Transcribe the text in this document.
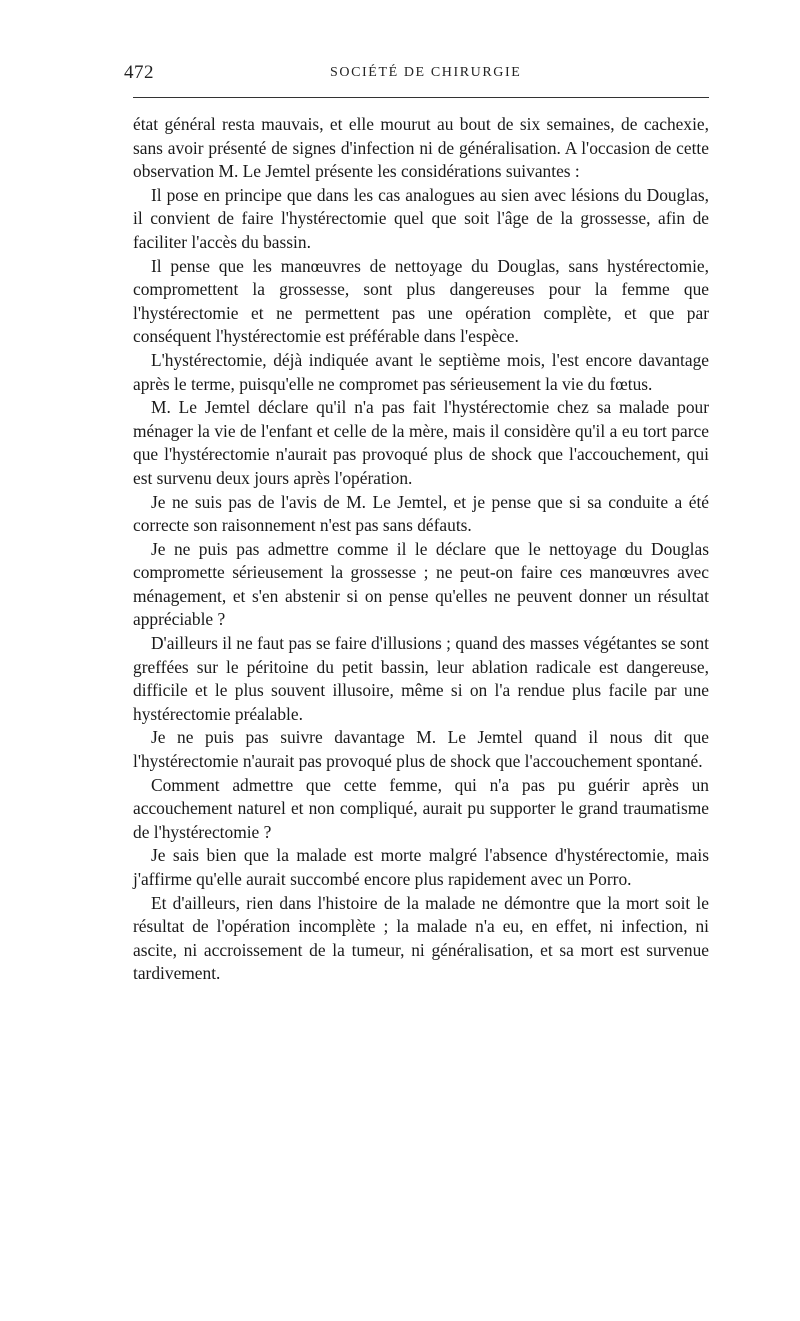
472	SOCIÉTÉ DE CHIRURGIE

état général resta mauvais, et elle mourut au bout de six semaines, de cachexie, sans avoir présenté de signes d'infection ni de généralisation. A l'occasion de cette observation M. Le Jemtel présente les considérations suivantes :

Il pose en principe que dans les cas analogues au sien avec lésions du Douglas, il convient de faire l'hystérectomie quel que soit l'âge de la grossesse, afin de faciliter l'accès du bassin.

Il pense que les manœuvres de nettoyage du Douglas, sans hystérectomie, compromettent la grossesse, sont plus dangereuses pour la femme que l'hystérectomie et ne permettent pas une opération complète, et que par conséquent l'hystérectomie est préférable dans l'espèce.

L'hystérectomie, déjà indiquée avant le septième mois, l'est encore davantage après le terme, puisqu'elle ne compromet pas sérieusement la vie du fœtus.

M. Le Jemtel déclare qu'il n'a pas fait l'hystérectomie chez sa malade pour ménager la vie de l'enfant et celle de la mère, mais il considère qu'il a eu tort parce que l'hystérectomie n'aurait pas provoqué plus de shock que l'accouchement, qui est survenu deux jours après l'opération.

Je ne suis pas de l'avis de M. Le Jemtel, et je pense que si sa conduite a été correcte son raisonnement n'est pas sans défauts.

Je ne puis pas admettre comme il le déclare que le nettoyage du Douglas compromette sérieusement la grossesse ; ne peut-on faire ces manœuvres avec ménagement, et s'en abstenir si on pense qu'elles ne peuvent donner un résultat appréciable ?

D'ailleurs il ne faut pas se faire d'illusions ; quand des masses végétantes se sont greffées sur le péritoine du petit bassin, leur ablation radicale est dangereuse, difficile et le plus souvent illusoire, même si on l'a rendue plus facile par une hystérectomie préalable.

Je ne puis pas suivre davantage M. Le Jemtel quand il nous dit que l'hystérectomie n'aurait pas provoqué plus de shock que l'accouchement spontané.

Comment admettre que cette femme, qui n'a pas pu guérir après un accouchement naturel et non compliqué, aurait pu supporter le grand traumatisme de l'hystérectomie ?

Je sais bien que la malade est morte malgré l'absence d'hystérectomie, mais j'affirme qu'elle aurait succombé encore plus rapidement avec un Porro.

Et d'ailleurs, rien dans l'histoire de la malade ne démontre que la mort soit le résultat de l'opération incomplète ; la malade n'a eu, en effet, ni infection, ni ascite, ni accroissement de la tumeur, ni généralisation, et sa mort est survenue tardivement.
